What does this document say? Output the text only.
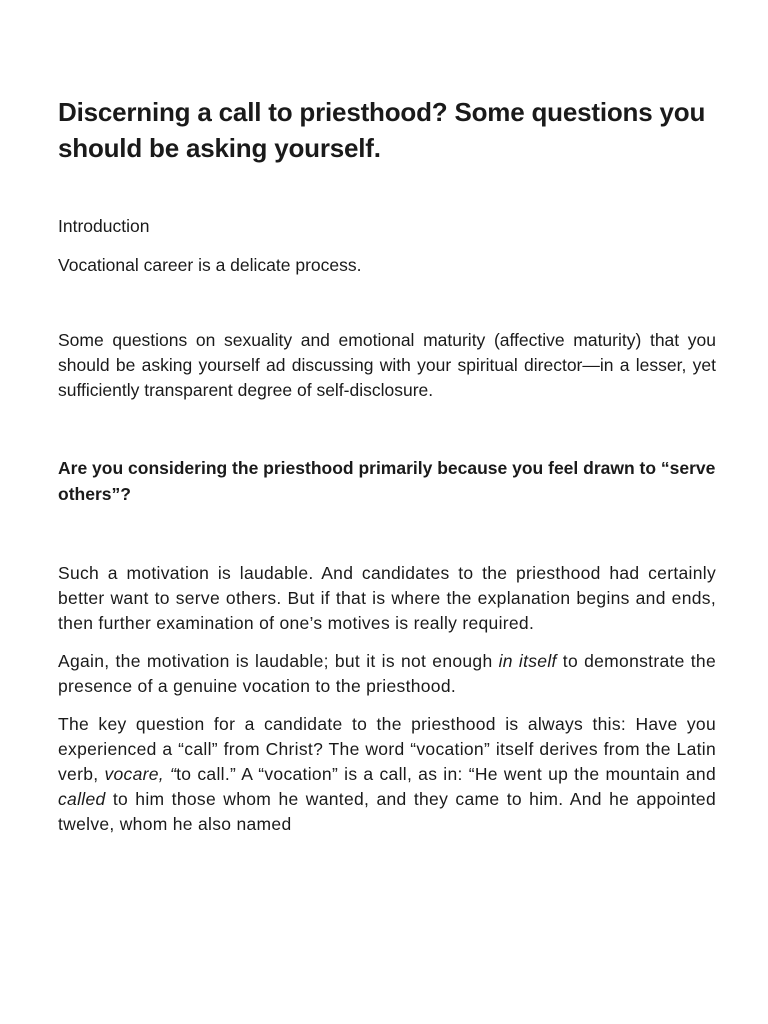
Discerning a call to priesthood? Some questions you should be asking yourself.

Introduction

Vocational career is a delicate process.

Some questions on sexuality and emotional maturity (affective maturity) that you should be asking yourself ad discussing with your spiritual director—in a lesser, yet sufficiently transparent degree of self-disclosure.

Are you considering the priesthood primarily because you feel drawn to “serve others”?

Such a motivation is laudable. And candidates to the priesthood had certainly better want to serve others. But if that is where the explanation begins and ends, then further examination of one’s motives is really required.

Again, the motivation is laudable; but it is not enough in itself to demonstrate the presence of a genuine vocation to the priesthood.

The key question for a candidate to the priesthood is always this: Have you experienced a “call” from Christ? The word “vocation” itself derives from the Latin verb, vocare, “to call.” A “vocation” is a call, as in: “He went up the mountain and called to him those whom he wanted, and they came to him. And he appointed twelve, whom he also named
